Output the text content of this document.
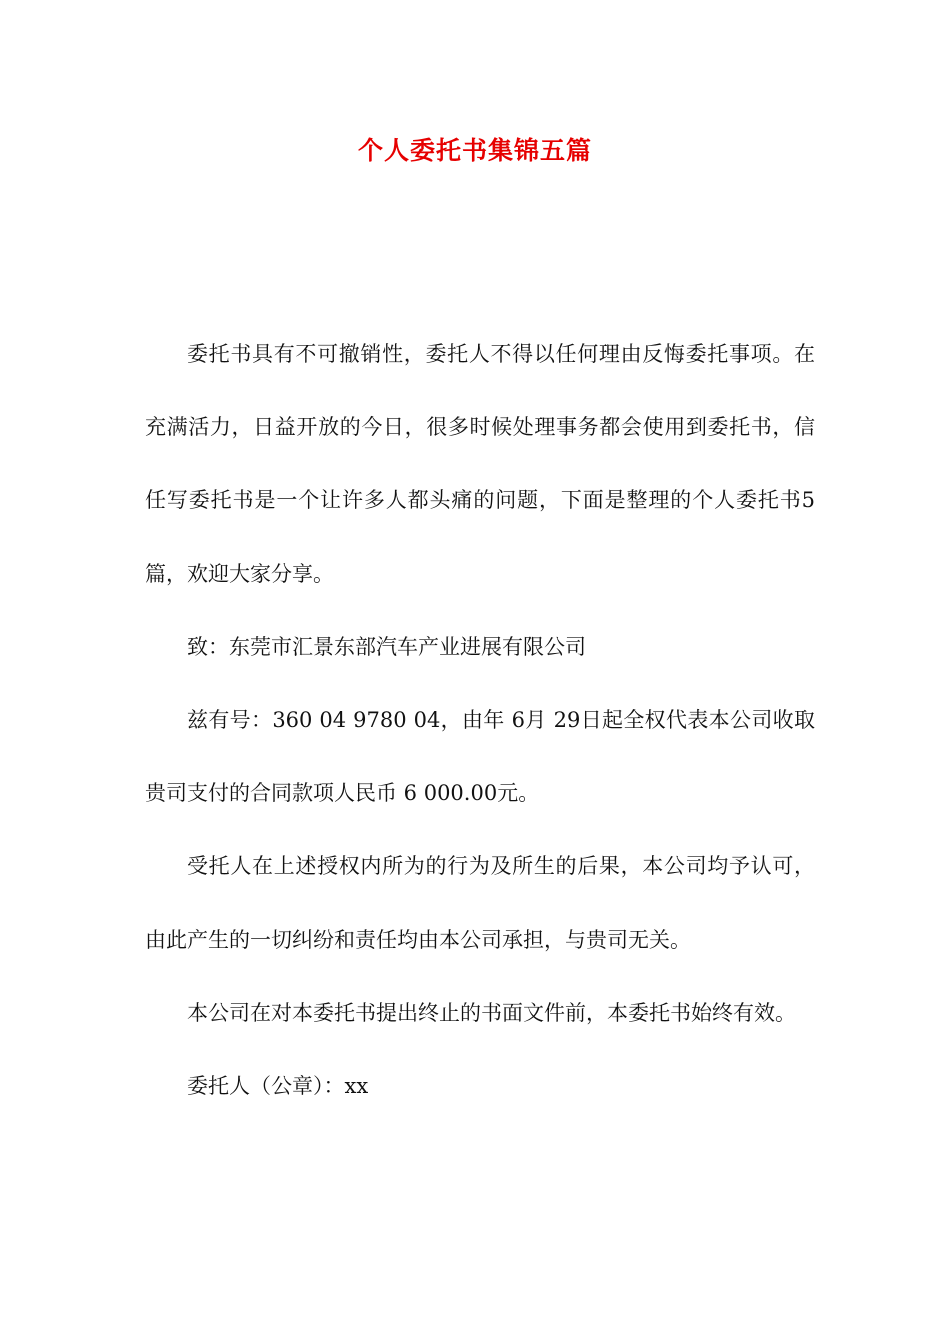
个人委托书集锦五篇

委托书具有不可撤销性，委托人不得以任何理由反悔委托事项。在充满活力，日益开放的今日，很多时候处理事务都会使用到委托书，信任写委托书是一个让许多人都头痛的问题，下面是整理的个人委托书5篇，欢迎大家分享。

致：东莞市汇景东部汽车产业进展有限公司

兹有号：360 04 9780 04，由年 6月 29日起全权代表本公司收取贵司支付的合同款项人民币 6 000.00元。

受托人在上述授权内所为的行为及所生的后果，本公司均予认可，由此产生的一切纠纷和责任均由本公司承担，与贵司无关。

本公司在对本委托书提出终止的书面文件前，本委托书始终有效。

委托人（公章）：xx
